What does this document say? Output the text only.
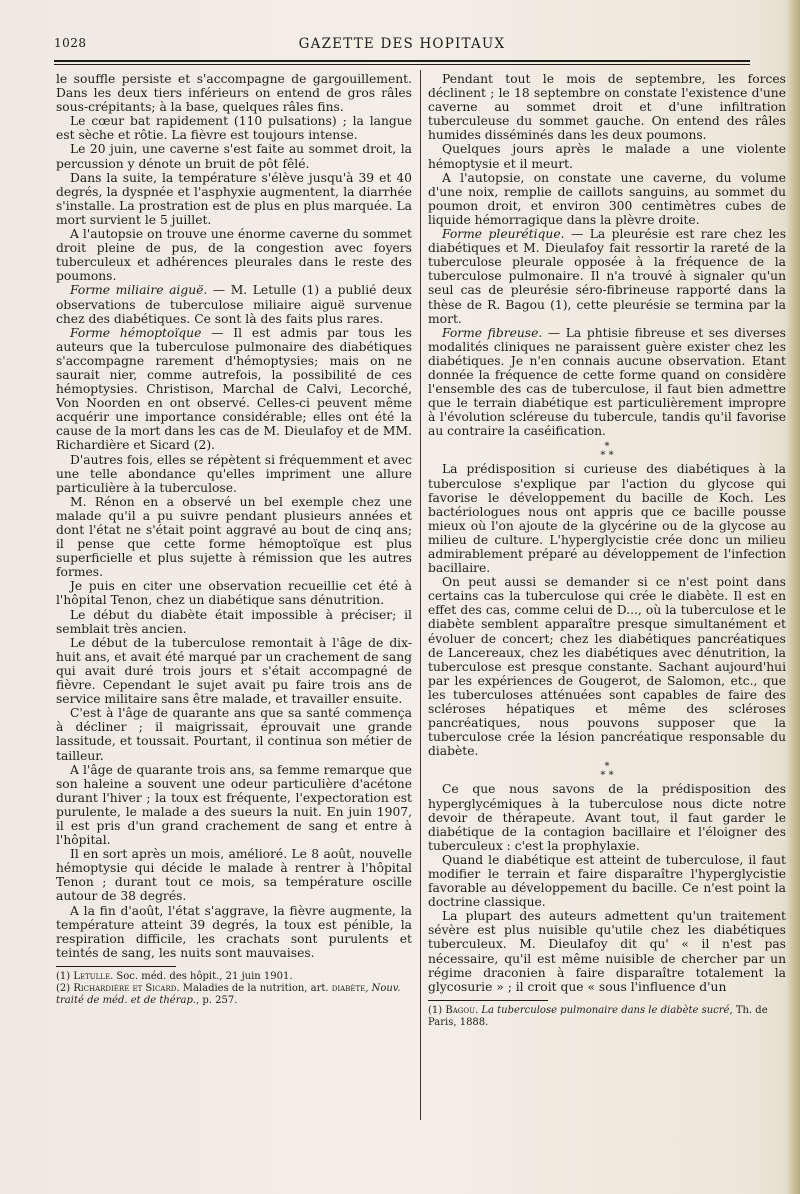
1028	GAZETTE DES HOPITAUX

le souffle persiste et s'accompagne de gargouillement. Dans les deux tiers inférieurs on entend de gros râles sous-crépitants; à la base, quelques râles fins.

Le cœur bat rapidement (110 pulsations) ; la langue est sèche et rôtie. La fièvre est toujours intense.

Le 20 juin, une caverne s'est faite au sommet droit, la percussion y dénote un bruit de pôt fêlé.

Dans la suite, la température s'élève jusqu'à 39 et 40 degrés, la dyspnée et l'asphyxie augmentent, la diarrhée s'installe. La prostration est de plus en plus marquée. La mort survient le 5 juillet.

A l'autopsie on trouve une énorme caverne du sommet droit pleine de pus, de la congestion avec foyers tuberculeux et adhérences pleurales dans le reste des poumons.

Forme miliaire aiguë. — M. Letulle (1) a publié deux observations de tuberculose miliaire aiguë survenue chez des diabétiques. Ce sont là des faits plus rares.

Forme hémoptoïque — Il est admis par tous les auteurs que la tuberculose pulmonaire des diabétiques s'accompagne rarement d'hémoptysies; mais on ne saurait nier, comme autrefois, la possibilité de ces hémoptysies. Christison, Marchal de Calvi, Lecorché, Von Noorden en ont observé. Celles-ci peuvent même acquérir une importance considérable; elles ont été la cause de la mort dans les cas de M. Dieulafoy et de MM. Richardière et Sicard (2).

D'autres fois, elles se répètent si fréquemment et avec une telle abondance qu'elles impriment une allure particulière à la tuberculose.

M. Rénon en a observé un bel exemple chez une malade qu'il a pu suivre pendant plusieurs années et dont l'état ne s'était point aggravé au bout de cinq ans; il pense que cette forme hémoptoïque est plus superficielle et plus sujette à rémission que les autres formes.

Je puis en citer une observation recueillie cet été à l'hôpital Tenon, chez un diabétique sans dénutrition.

Le début du diabète était impossible à préciser; il semblait très ancien.

Le début de la tuberculose remontait à l'âge de dix-huit ans, et avait été marqué par un crachement de sang qui avait duré trois jours et s'était accompagné de fièvre. Cependant le sujet avait pu faire trois ans de service militaire sans être malade, et travailler ensuite.

C'est à l'âge de quarante ans que sa santé commença à décliner ; il maigrissait, éprouvait une grande lassitude, et toussait. Pourtant, il continua son métier de tailleur.

A l'âge de quarante trois ans, sa femme remarque que son haleine a souvent une odeur particulière d'acétone durant l'hiver ; la toux est fréquente, l'expectoration est purulente, le malade a des sueurs la nuit. En juin 1907, il est pris d'un grand crachement de sang et entre à l'hôpital.

Il en sort après un mois, amélioré. Le 8 août, nouvelle hémoptysie qui décide le malade à rentrer à l'hôpital Tenon ; durant tout ce mois, sa température oscille autour de 38 degrés.

A la fin d'août, l'état s'aggrave, la fièvre augmente, la température atteint 39 degrés, la toux est pénible, la respiration difficile, les crachats sont purulents et teintés de sang, les nuits sont mauvaises.

(1) Letulle. Soc. méd. des hôpit., 21 juin 1901.

(2) Richardière et Sicard. Maladies de la nutrition, art. diabète, Nouv. traité de méd. et de thérap., p. 257.

Pendant tout le mois de septembre, les forces déclinent ; le 18 septembre on constate l'existence d'une caverne au sommet droit et d'une infiltration tuberculeuse du sommet gauche. On entend des râles humides disséminés dans les deux poumons.

Quelques jours après le malade a une violente hémoptysie et il meurt.

A l'autopsie, on constate une caverne, du volume d'une noix, remplie de caillots sanguins, au sommet du poumon droit, et environ 300 centimètres cubes de liquide hémorragique dans la plèvre droite.

Forme pleurétique. — La pleurésie est rare chez les diabétiques et M. Dieulafoy fait ressortir la rareté de la tuberculose pleurale opposée à la fréquence de la tuberculose pulmonaire. Il n'a trouvé à signaler qu'un seul cas de pleurésie séro-fibrineuse rapporté dans la thèse de R. Bagou (1), cette pleurésie se termina par la mort.

Forme fibreuse. — La phtisie fibreuse et ses diverses modalités cliniques ne paraissent guère exister chez les diabétiques. Je n'en connais aucune observation. Etant donnée la fréquence de cette forme quand on considère l'ensemble des cas de tuberculose, il faut bien admettre que le terrain diabétique est particulièrement impropre à l'évolution scléreuse du tubercule, tandis qu'il favorise au contraire la caséification.

*
* *

La prédisposition si curieuse des diabétiques à la tuberculose s'explique par l'action du glycose qui favorise le développement du bacille de Koch. Les bactériologues nous ont appris que ce bacille pousse mieux où l'on ajoute de la glycérine ou de la glycose au milieu de culture. L'hyperglycistie crée donc un milieu admirablement préparé au développement de l'infection bacillaire.

On peut aussi se demander si ce n'est point dans certains cas la tuberculose qui crée le diabète. Il est en effet des cas, comme celui de D..., où la tuberculose et le diabète semblent apparaître presque simultanément et évoluer de concert; chez les diabétiques pancréatiques de Lancereaux, chez les diabétiques avec dénutrition, la tuberculose est presque constante. Sachant aujourd'hui par les expériences de Gougerot, de Salomon, etc., que les tuberculoses atténuées sont capables de faire des scléroses hépatiques et même des scléroses pancréatiques, nous pouvons supposer que la tuberculose crée la lésion pancréatique responsable du diabète.

*
* *

Ce que nous savons de la prédisposition des hyperglycémiques à la tuberculose nous dicte notre devoir de thérapeute. Avant tout, il faut garder le diabétique de la contagion bacillaire et l'éloigner des tuberculeux : c'est la prophylaxie.

Quand le diabétique est atteint de tuberculose, il faut modifier le terrain et faire disparaître l'hyperglycistie favorable au développement du bacille. Ce n'est point la doctrine classique.

La plupart des auteurs admettent qu'un traitement sévère est plus nuisible qu'utile chez les diabétiques tuberculeux. M. Dieulafoy dit qu' « il n'est pas nécessaire, qu'il est même nuisible de chercher par un régime draconien à faire disparaître totalement la glycosurie » ; il croit que « sous l'influence d'un

(1) Bagou. La tuberculose pulmonaire dans le diabète sucré, Th. de Paris, 1888.
